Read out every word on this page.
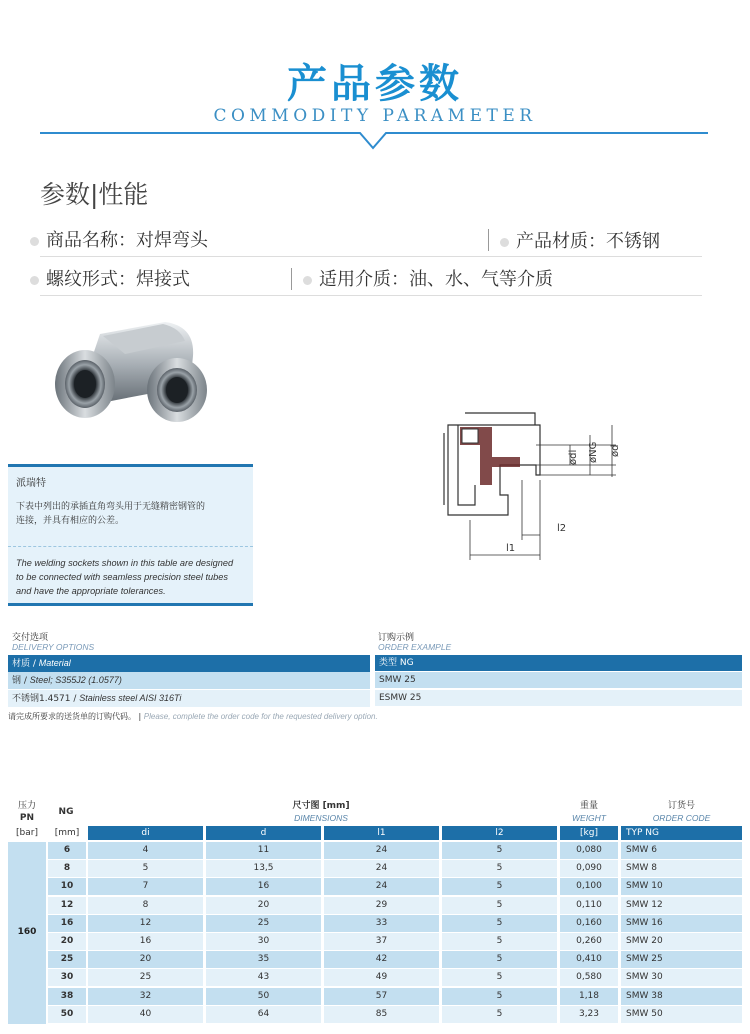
产品参数
COMMODITY PARAMETER
参数|性能
商品名称：对焊弯头	产品材质：不锈钢
螺纹形式：焊接式	适用介质：油、水、气等介质
l1
l2
ødi øNG ød
派瑞特
下表中列出的承插直角弯头用于无缝精密钢管的
连接，并具有相应的公差。
The welding sockets shown in this table are designed
to be connected with seamless precision steel tubes
and have the appropriate tolerances.
交付选项
DELIVERY OPTIONS
订购示例
ORDER EXAMPLE
材质 / Material	类型 NG
钢 / Steel; S355J2 (1.0577)	SMW 25
不锈钢1.4571 / Stainless steel AISI 316Ti	ESMW 25
请完成所要求的送货单的订购代码。 | Please, complete the order code for the requested delivery option.
压力
PN
NG
尺寸图 [mm]
DIMENSIONS
重量
WEIGHT
订货号
ORDER CODE
[bar]	[mm]	di	d	l1	l2	[kg]	TYP NG
160
6	4	11	24	5	0,080	SMW 6
8	5	13,5	24	5	0,090	SMW 8
10	7	16	24	5	0,100	SMW 10
12	8	20	29	5	0,110	SMW 12
16	12	25	33	5	0,160	SMW 16
20	16	30	37	5	0,260	SMW 20
25	20	35	42	5	0,410	SMW 25
30	25	43	49	5	0,580	SMW 30
38	32	50	57	5	1,18	SMW 38
50	40	64	85	5	3,23	SMW 50
